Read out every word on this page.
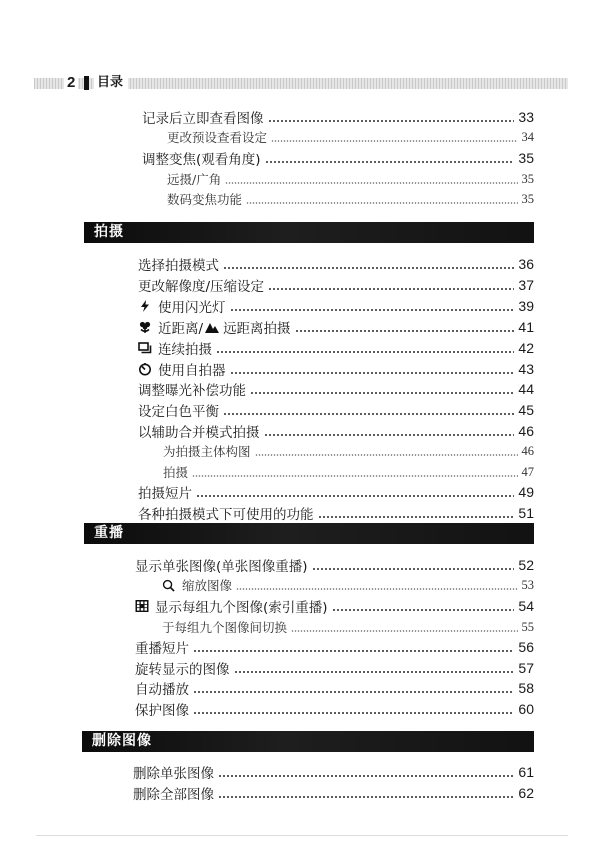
2 目录
记录后立即查看图像	33
更改预设查看设定	34
调整变焦(观看角度)	35
远摄/广角	35
数码变焦功能	35
拍摄
选择拍摄模式	36
更改解像度/压缩设定	37
使用闪光灯	39
近距离/ 远距离拍摄	41
连续拍摄	42
使用自拍器	43
调整曝光补偿功能	44
设定白色平衡	45
以辅助合并模式拍摄	46
为拍摄主体构图	46
拍摄	47
拍摄短片	49
各种拍摄模式下可使用的功能	51
重播
显示单张图像(单张图像重播)	52
缩放图像	53
显示每组九个图像(索引重播)	54
于每组九个图像间切换	55
重播短片	56
旋转显示的图像	57
自动播放	58
保护图像	60
删除图像
删除单张图像	61
删除全部图像	62
